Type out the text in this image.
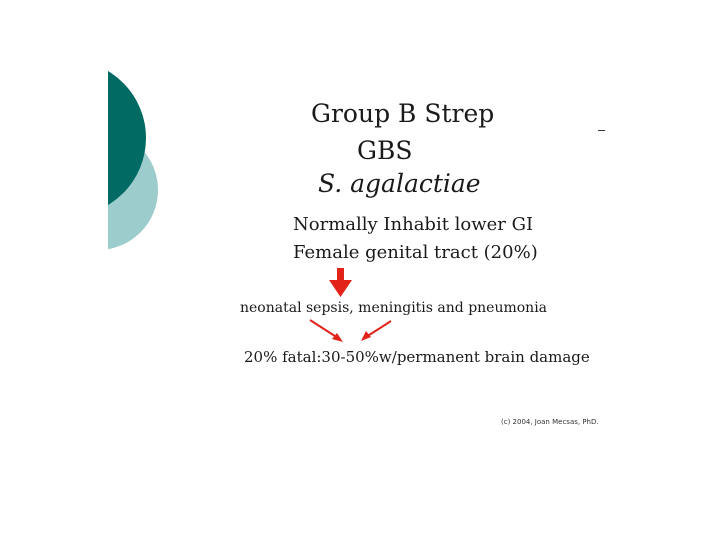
Group B Strep
GBS
S. agalactiae

Normally Inhabit lower GI

Female genital tract (20%)

neonatal sepsis, meningitis and pneumonia

20% fatal:30-50%w/permanent brain damage

(c) 2004, Joan Mecsas, PhD.
